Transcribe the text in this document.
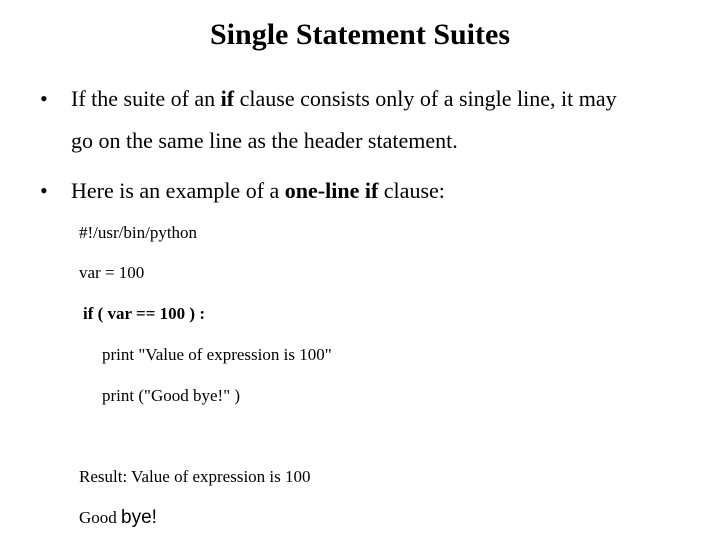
Single Statement Suites
• If the suite of an if clause consists only of a single line, it may
go on the same line as the header statement.
• Here is an example of a one-line if clause:
#!/usr/bin/python
var = 100
if ( var == 100 ) :
print "Value of expression is 100"
print ("Good bye!" )
Result: Value of expression is 100
Good bye!
